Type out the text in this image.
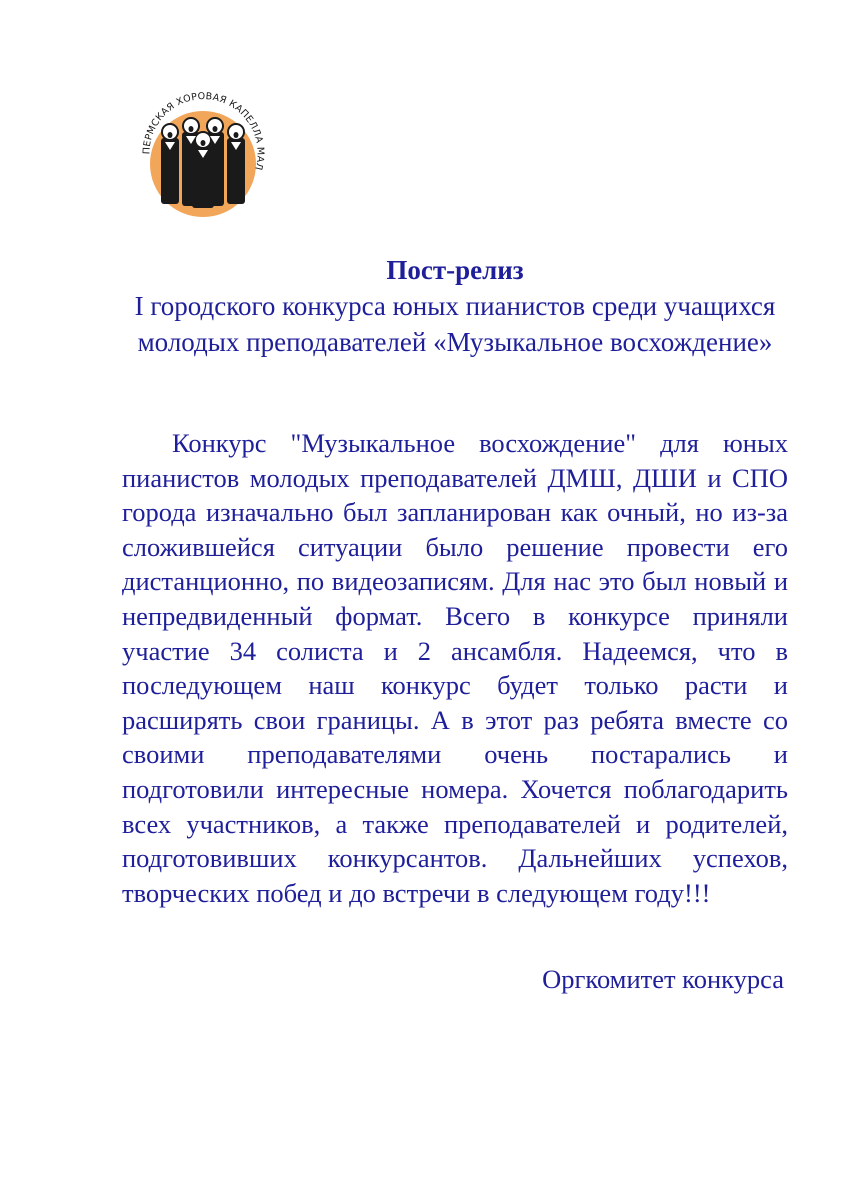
ПЕРМСКАЯ ХОРОВАЯ КАПЕЛЛА МАЛ
Пост-релиз
I городского конкурса юных пианистов среди учащихся молодых преподавателей «Музыкальное восхождение»

Конкурс "Музыкальное восхождение" для юных пианистов молодых преподавателей ДМШ, ДШИ и СПО города изначально был запланирован как очный, но из-за сложившейся ситуации было решение провести его дистанционно, по видеозаписям. Для нас это был новый и непредвиденный формат. Всего в конкурсе приняли участие 34 солиста и 2 ансамбля. Надеемся, что в последующем наш конкурс будет только расти и расширять свои границы. А в этот раз ребята вместе со своими преподавателями очень постарались и подготовили интересные номера. Хочется поблагодарить всех участников, а также преподавателей и родителей, подготовивших конкурсантов. Дальнейших успехов, творческих побед и до встречи в следующем году!!!

Оргкомитет конкурса
